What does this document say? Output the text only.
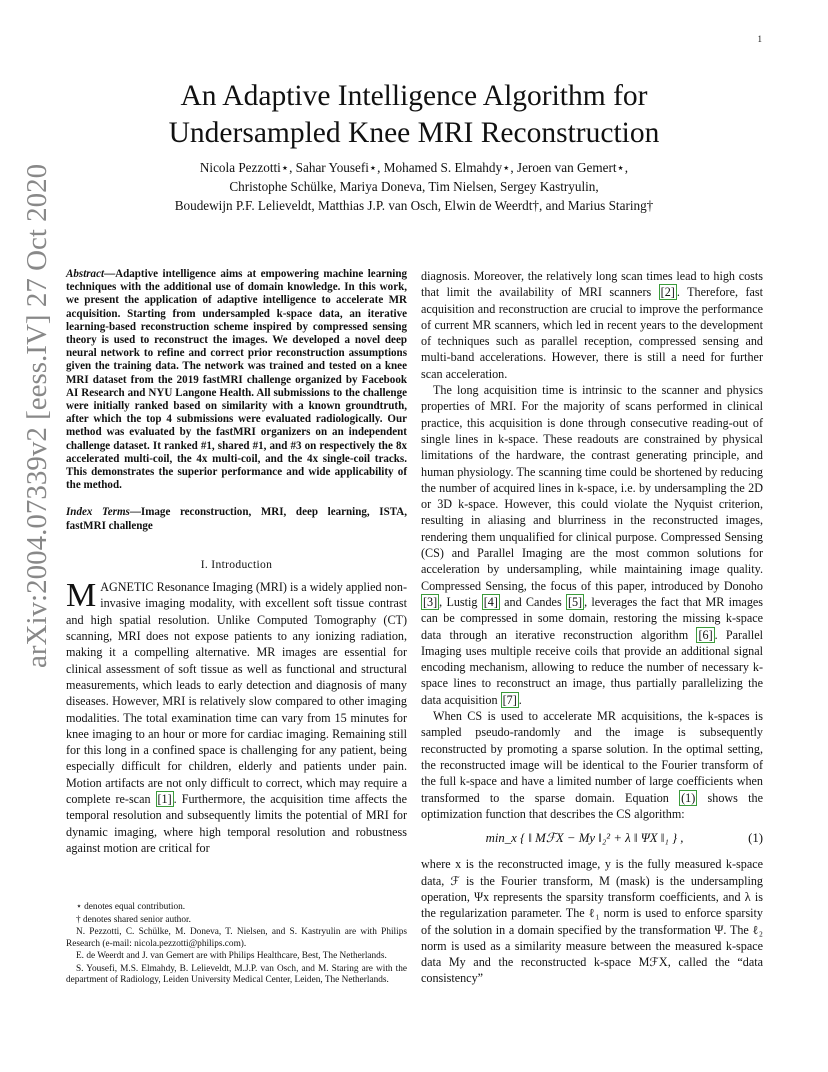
1
arXiv:2004.07339v2 [eess.IV] 27 Oct 2020
An Adaptive Intelligence Algorithm for
Undersampled Knee MRI Reconstruction
Nicola Pezzotti⋆, Sahar Yousefi⋆, Mohamed S. Elmahdy⋆, Jeroen van Gemert⋆,
Christophe Schülke, Mariya Doneva, Tim Nielsen, Sergey Kastryulin,
Boudewijn P.F. Lelieveldt, Matthias J.P. van Osch, Elwin de Weerdt†, and Marius Staring†

Abstract—Adaptive intelligence aims at empowering machine learning techniques with the additional use of domain knowledge. In this work, we present the application of adaptive intelligence to accelerate MR acquisition. Starting from undersampled k-space data, an iterative learning-based reconstruction scheme inspired by compressed sensing theory is used to reconstruct the images. We developed a novel deep neural network to refine and correct prior reconstruction assumptions given the training data. The network was trained and tested on a knee MRI dataset from the 2019 fastMRI challenge organized by Facebook AI Research and NYU Langone Health. All submissions to the challenge were initially ranked based on similarity with a known groundtruth, after which the top 4 submissions were evaluated radiologically. Our method was evaluated by the fastMRI organizers on an independent challenge dataset. It ranked #1, shared #1, and #3 on respectively the 8x accelerated multi-coil, the 4x multi-coil, and the 4x single-coil tracks. This demonstrates the superior performance and wide applicability of the method.

Index Terms—Image reconstruction, MRI, deep learning, ISTA, fastMRI challenge

I. Introduction

MAGNETIC Resonance Imaging (MRI) is a widely applied non-invasive imaging modality, with excellent soft tissue contrast and high spatial resolution. Unlike Computed Tomography (CT) scanning, MRI does not expose patients to any ionizing radiation, making it a compelling alternative. MR images are essential for clinical assessment of soft tissue as well as functional and structural measurements, which leads to early detection and diagnosis of many diseases. However, MRI is relatively slow compared to other imaging modalities. The total examination time can vary from 15 minutes for knee imaging to an hour or more for cardiac imaging. Remaining still for this long in a confined space is challenging for any patient, being especially difficult for children, elderly and patients under pain. Motion artifacts are not only difficult to correct, which may require a complete re-scan [1] . Furthermore, the acquisition time affects the temporal resolution and subsequently limits the potential of MRI for dynamic imaging, where high temporal resolution and robustness against motion are critical for

diagnosis. Moreover, the relatively long scan times lead to high costs that limit the availability of MRI scanners [2] . Therefore, fast acquisition and reconstruction are crucial to improve the performance of current MR scanners, which led in recent years to the development of techniques such as parallel reception, compressed sensing and multi-band accelerations. However, there is still a need for further scan acceleration.

The long acquisition time is intrinsic to the scanner and physics properties of MRI. For the majority of scans performed in clinical practice, this acquisition is done through consecutive reading-out of single lines in k-space. These readouts are constrained by physical limitations of the hardware, the contrast generating principle, and human physiology. The scanning time could be shortened by reducing the number of acquired lines in k-space, i.e. by undersampling the 2D or 3D k-space. However, this could violate the Nyquist criterion, resulting in aliasing and blurriness in the reconstructed images, rendering them unqualified for clinical purpose. Compressed Sensing (CS) and Parallel Imaging are the most common solutions for acceleration by undersampling, while maintaining image quality. Compressed Sensing, the focus of this paper, introduced by Donoho [3] , Lustig [4] and Candes [5] , leverages the fact that MR images can be compressed in some domain, restoring the missing k-space data through an iterative reconstruction algorithm [6] . Parallel Imaging uses multiple receive coils that provide an additional signal encoding mechanism, allowing to reduce the number of necessary k-space lines to reconstruct an image, thus partially parallelizing the data acquisition [7] .

When CS is used to accelerate MR acquisitions, the k-spaces is sampled pseudo-randomly and the image is subsequently reconstructed by promoting a sparse solution. In the optimal setting, the reconstructed image will be identical to the Fourier transform of the full k-space and have a limited number of large coefficients when transformed to the sparse domain. Equation (1) shows the optimization function that describes the CS algorithm:

min_x { ‖ MℱX − My ‖₂² + λ ‖ ΨX ‖₁ } ,	(1)

where x is the reconstructed image, y is the fully measured k-space data, ℱ is the Fourier transform, M (mask) is the undersampling operation, Ψx represents the sparsity transform coefficients, and λ is the regularization parameter. The ℓ₁ norm is used to enforce sparsity of the solution in a domain specified by the transformation Ψ. The ℓ₂ norm is used as a similarity measure between the measured k-space data My and the reconstructed k-space MℱX, called the “data consistency”

⋆ denotes equal contribution.

† denotes shared senior author.

N. Pezzotti, C. Schülke, M. Doneva, T. Nielsen, and S. Kastryulin are with Philips Research (e-mail: nicola.pezzotti@philips.com).

E. de Weerdt and J. van Gemert are with Philips Healthcare, Best, The Netherlands.

S. Yousefi, M.S. Elmahdy, B. Lelieveldt, M.J.P. van Osch, and M. Staring are with the department of Radiology, Leiden University Medical Center, Leiden, The Netherlands.
